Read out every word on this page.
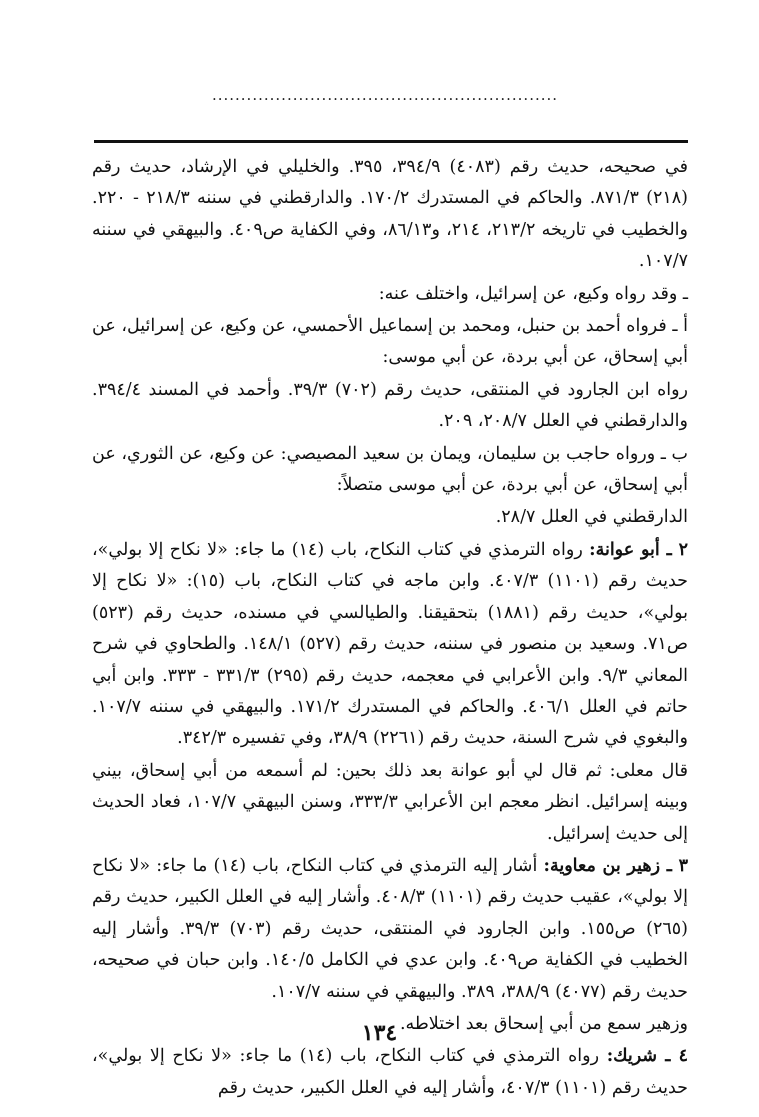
............................................................

في صحيحه، حديث رقم (٤٠٨٣) ٣٩٤/٩، ٣٩٥. والخليلي في الإرشاد، حديث رقم (٢١٨) ٨٧١/٣. والحاكم في المستدرك ١٧٠/٢. والدارقطني في سننه ٢١٨/٣ - ٢٢٠. والخطيب في تاريخه ٢١٣/٢، ٢١٤، و٨٦/١٣، وفي الكفاية ص٤٠٩. والبيهقي في سننه ١٠٧/٧.

ـ وقد رواه وكيع، عن إسرائيل، واختلف عنه:

أ ـ فرواه أحمد بن حنبل، ومحمد بن إسماعيل الأحمسي، عن وكيع، عن إسرائيل، عن أبي إسحاق، عن أبي بردة، عن أبي موسى:

رواه ابن الجارود في المنتقى، حديث رقم (٧٠٢) ٣٩/٣. وأحمد في المسند ٣٩٤/٤. والدارقطني في العلل ٢٠٨/٧، ٢٠٩.

ب ـ ورواه حاجب بن سليمان، ويمان بن سعيد المصيصي: عن وكيع، عن الثوري، عن أبي إسحاق، عن أبي بردة، عن أبي موسى متصلاً:

الدارقطني في العلل ٢٨/٧.

٢ ـ أبو عوانة: رواه الترمذي في كتاب النكاح، باب (١٤) ما جاء: «لا نكاح إلا بولي»، حديث رقم (١١٠١) ٤٠٧/٣. وابن ماجه في كتاب النكاح، باب (١٥): «لا نكاح إلا بولي»، حديث رقم (١٨٨١) بتحقيقنا. والطيالسي في مسنده، حديث رقم (٥٢٣) ص٧١. وسعيد بن منصور في سننه، حديث رقم (٥٢٧) ١٤٨/١. والطحاوي في شرح المعاني ٩/٣. وابن الأعرابي في معجمه، حديث رقم (٢٩٥) ٣٣١/٣ - ٣٣٣. وابن أبي حاتم في العلل ٤٠٦/١. والحاكم في المستدرك ١٧١/٢. والبيهقي في سننه ١٠٧/٧. والبغوي في شرح السنة، حديث رقم (٢٢٦١) ٣٨/٩، وفي تفسيره ٣٤٢/٣.

قال معلى: ثم قال لي أبو عوانة بعد ذلك بحين: لم أسمعه من أبي إسحاق، بيني وبينه إسرائيل. انظر معجم ابن الأعرابي ٣٣٣/٣، وسنن البيهقي ١٠٧/٧، فعاد الحديث إلى حديث إسرائيل.

٣ ـ زهير بن معاوية: أشار إليه الترمذي في كتاب النكاح، باب (١٤) ما جاء: «لا نكاح إلا بولي»، عقيب حديث رقم (١١٠١) ٤٠٨/٣. وأشار إليه في العلل الكبير، حديث رقم (٢٦٥) ص١٥٥. وابن الجارود في المنتقى، حديث رقم (٧٠٣) ٣٩/٣. وأشار إليه الخطيب في الكفاية ص٤٠٩. وابن عدي في الكامل ١٤٠/٥. وابن حبان في صحيحه، حديث رقم (٤٠٧٧) ٣٨٨/٩، ٣٨٩. والبيهقي في سننه ١٠٧/٧.

وزهير سمع من أبي إسحاق بعد اختلاطه.

٤ ـ شريك: رواه الترمذي في كتاب النكاح، باب (١٤) ما جاء: «لا نكاح إلا بولي»، حديث رقم (١١٠١) ٤٠٧/٣، وأشار إليه في العلل الكبير، حديث رقم

١٣٤
